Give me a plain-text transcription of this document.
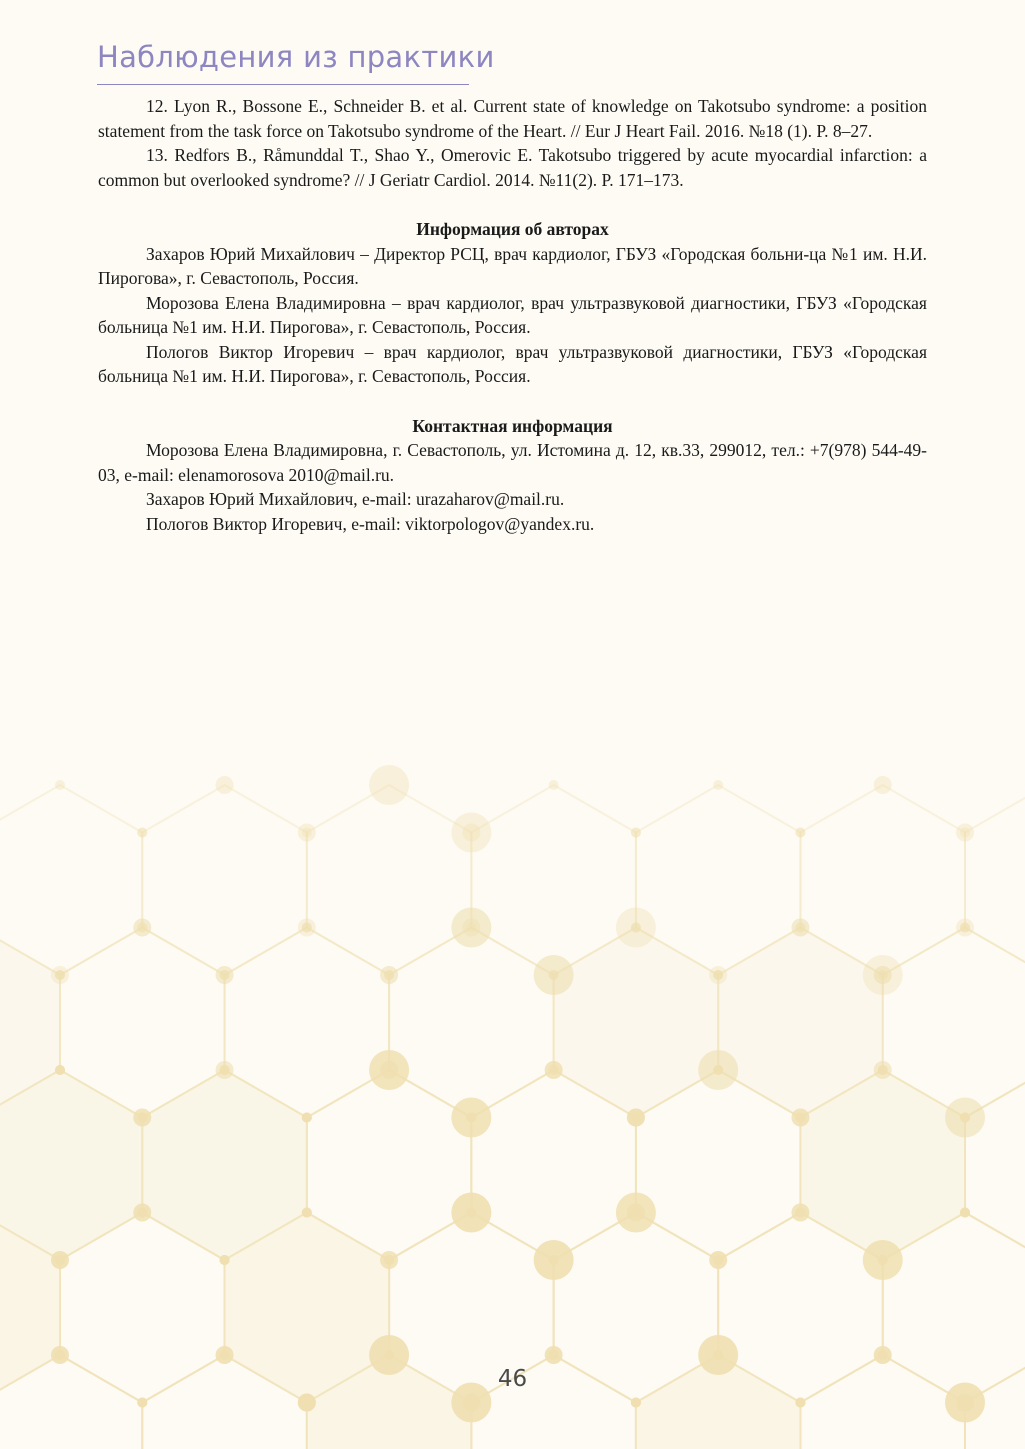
Наблюдения из практики

12. Lyon R., Bossone E., Schneider B. et al. Current state of knowledge on Takotsubo syndrome: a position statement from the task force on Takotsubo syndrome of the Heart. // Eur J Heart Fail. 2016. №18 (1). P. 8–27.

13. Redfors B., Råmunddal T., Shao Y., Omerovic E. Takotsubo triggered by acute myocardial infarction: a common but overlooked syndrome? // J Geriatr Cardiol. 2014. №11(2). P. 171–173.

Информация об авторах

Захаров Юрий Михайлович – Директор РСЦ, врач кардиолог, ГБУЗ «Городская больни-ца №1 им. Н.И. Пирогова», г. Севастополь, Россия.

Морозова Елена Владимировна – врач кардиолог, врач ультразвуковой диагностики, ГБУЗ «Городская больница №1 им. Н.И. Пирогова», г. Севастополь, Россия.

Пологов Виктор Игоревич – врач кардиолог, врач ультразвуковой диагностики, ГБУЗ «Городская больница №1 им. Н.И. Пирогова», г. Севастополь, Россия.

Контактная информация

Морозова Елена Владимировна, г. Севастополь, ул. Истомина д. 12, кв.33, 299012, тел.: +7(978) 544-49-03, e-mail: elenamorosova 2010@mail.ru.

Захаров Юрий Михайлович, e-mail: urazaharov@mail.ru.

Пологов Виктор Игоревич, e-mail: viktorpologov@yandex.ru.

46
